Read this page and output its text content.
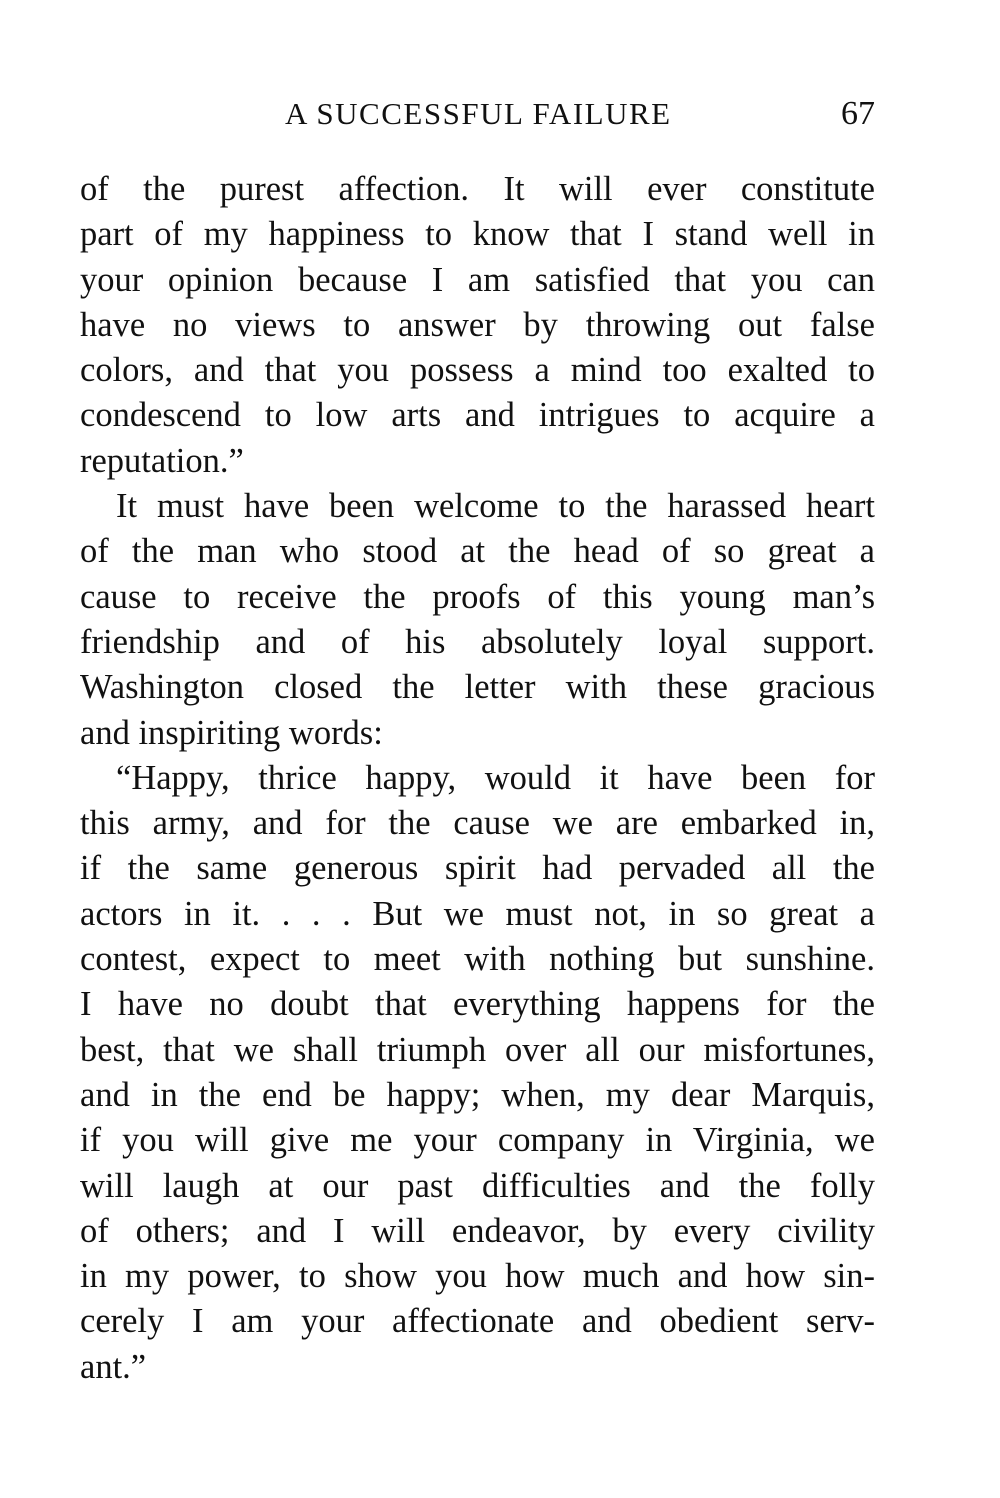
A SUCCESSFUL FAILURE	67
of the purest affection. It will ever constitute
part of my happiness to know that I stand well in
your opinion because I am satisfied that you can
have no views to answer by throwing out false
colors, and that you possess a mind too exalted to
condescend to low arts and intrigues to acquire a
reputation.”
It must have been welcome to the harassed heart
of the man who stood at the head of so great a
cause to receive the proofs of this young man’s
friendship and of his absolutely loyal support.
Washington closed the letter with these gracious
and inspiriting words:
“Happy, thrice happy, would it have been for
this army, and for the cause we are embarked in,
if the same generous spirit had pervaded all the
actors in it. . . . But we must not, in so great a
contest, expect to meet with nothing but sunshine.
I have no doubt that everything happens for the
best, that we shall triumph over all our misfortunes,
and in the end be happy; when, my dear Marquis,
if you will give me your company in Virginia, we
will laugh at our past difficulties and the folly
of others; and I will endeavor, by every civility
in my power, to show you how much and how sin-
cerely I am your affectionate and obedient serv-
ant.”
